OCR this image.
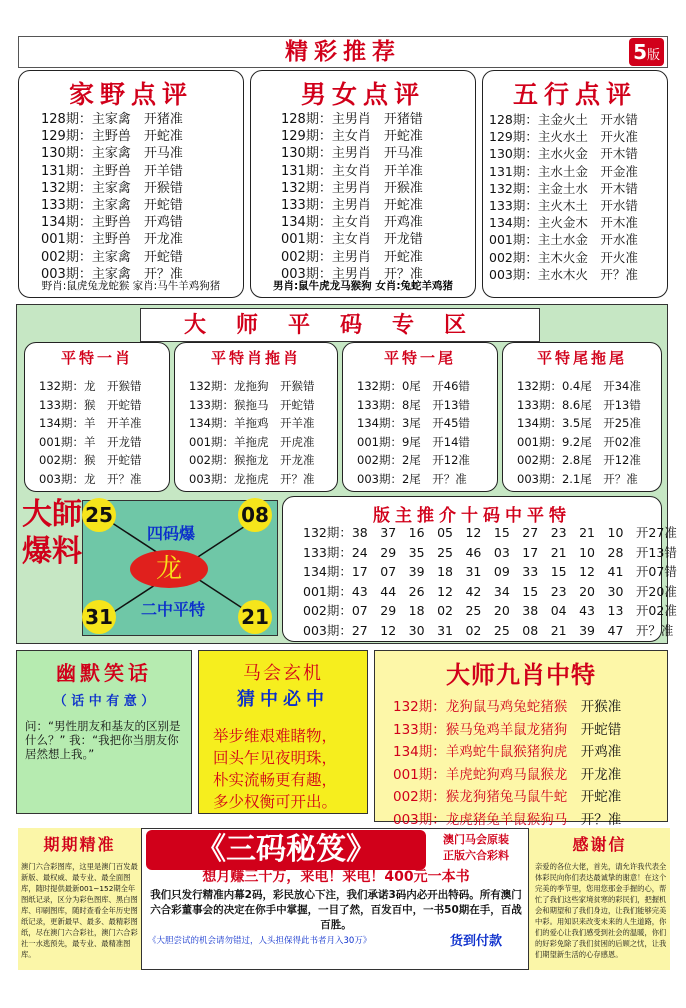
精彩推荐	5版
家野点评
128期：主家禽　开猪准
129期：主野兽　开蛇准
130期：主家禽　开马准
131期：主野兽　开羊错
132期：主家禽　开猴错
133期：主家禽　开蛇错
134期：主野兽　开鸡错
001期：主野兽　开龙准
002期：主家禽　开蛇错
003期：主家禽　开？准
野肖:鼠虎兔龙蛇猴 家肖:马牛羊鸡狗猪
男女点评
128期：主男肖　开猪错
129期：主女肖　开蛇准
130期：主男肖　开马准
131期：主女肖　开羊准
132期：主男肖　开猴准
133期：主男肖　开蛇准
134期：主女肖　开鸡准
001期：主女肖　开龙错
002期：主男肖　开蛇准
003期：主男肖　开？准
男肖:鼠牛虎龙马猴狗 女肖:兔蛇羊鸡猪
五行点评
128期：主金火土　开水错
129期：主火水土　开火准
130期：主水火金　开木错
131期：主水土金　开金准
132期：主金土水　开木错
133期：主火木土　开水错
134期：主火金木　开木准
001期：主土水金　开水准
002期：主木火金　开火准
003期：主水木火　开？准
大师平码专区
平特一肖
132期：龙　开猴错
133期：猴　开蛇错
134期：羊　开羊准
001期：羊　开龙错
002期：猴　开蛇错
003期：龙　开？准
平特肖拖肖
132期：龙拖狗　开猴错
133期：猴拖马　开蛇错
134期：羊拖鸡　开羊准
001期：羊拖虎　开虎准
002期：猴拖龙　开龙准
003期：龙拖虎　开？准
平特一尾
132期：0尾　开46错
133期：8尾　开13错
134期：3尾　开45错
001期：9尾　开14错
002期：2尾　开12准
003期：2尾　开？准
平特尾拖尾
132期：0.4尾　开34准
133期：8.6尾　开13错
134期：3.5尾　开25准
001期：9.2尾　开02准
002期：2.8尾　开12准
003期：2.1尾　开？准
大師爆料
四码爆
二中平特
25	08
31	21
龙
版主推介十码中平特
132期：38　37　16　05　12　15　27　23　21　10　开27准
133期：24　29　35　25　46　03　17　21　10　28　开13错
134期：17　07　39　18　31　09　33　15　12　41　开07错
001期：43　44　26　12　42　34　15　23　20　30　开20准
002期：07　29　18　02　25　20　38　04　43　13　开02准
003期：27　12　30　31　02　25　08　21　39　47　开？准
幽默笑话
（ 话 中 有 意 ）
问：“男性朋友和基友的区别是什么？” 我：“我把你当朋友你居然想上我。”
马会玄机
猜中必中
举步维艰难睹物，
回头乍见夜明珠，
朴实流畅更有趣，
多少权衡可开出。
大师九肖中特
132期：龙狗鼠马鸡兔蛇猪猴　 开猴准
133期：猴马兔鸡羊鼠龙猪狗　 开蛇错
134期：羊鸡蛇牛鼠猴猪狗虎　 开鸡准
001期：羊虎蛇狗鸡马鼠猴龙　 开龙准
002期：猴龙狗猪兔马鼠牛蛇　 开蛇准
003期：龙虎猪兔羊鼠猴狗马　 开？准
期期精准
澳门六合彩图库，这里是澳门百发最新版、最权威、最专业、最全面图库，随时提供最新001~152期全年图纸记录，区分为彩色图库、黑白图库、印刷图库，随时查看全年历史图纸记录，更新最早、最多、最精彩图纸，尽在澳门六合彩社，澳门六合彩社一水逃预先，最专业、最精准图库。
《三码秘笈》	澳门马会原装
正版六合彩料
想月赚三十万，来电！来电！400元一本书
我们只发行精准内幕2码，彩民放心下注，我们承诺3码内必开出特码。所有澳门六合彩董事会的决定在你手中掌握，一目了然，百发百中，一书50期在手，百战百胜。
《大胆尝试的机会请勿错过，人头担保得此书者月入30万》	货到付款
感谢信
亲爱的各位大佬，首先，请允许我代表全体彩民向你们表达最诚挚的谢意！在这个完美的季节里，您用您那金手握的心，帮忙了我们这些家境贫寒的彩民们，把握机会和期望和了我们身边，让我们能够完美中彩。用知识来改变未来的人生道路，你们的爱心让我们感受到社会的温暖，你们的好彩免除了我们贫困的后顾之忧，让我们期望新生活的心存感恩。
